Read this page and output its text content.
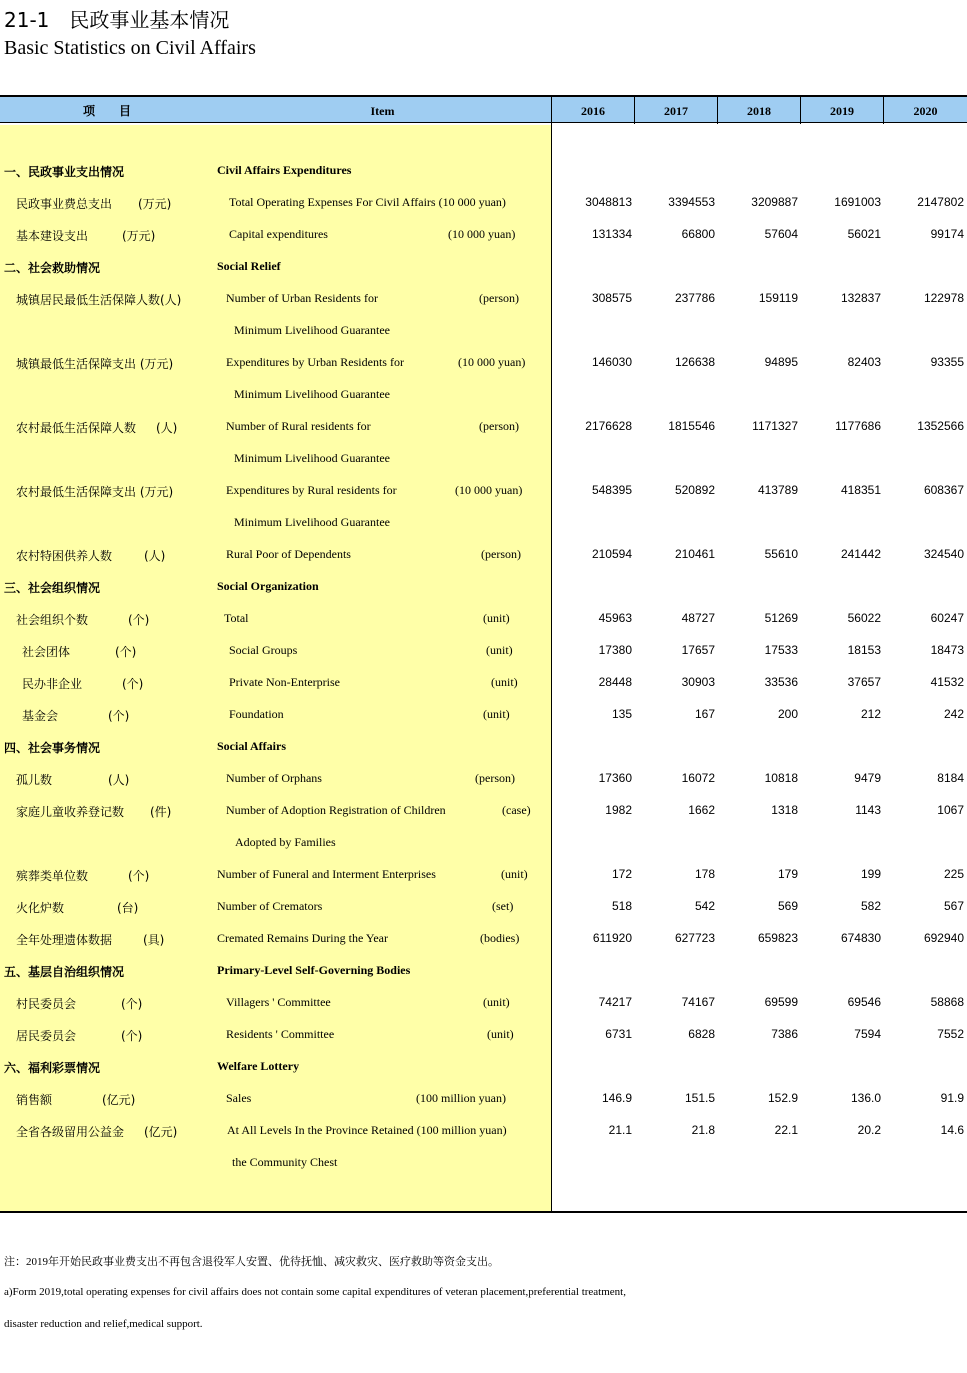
21-1　民政事业基本情况
Basic Statistics on Civil Affairs
项　　目	Item	2016	2017	2018	2019	2020
一、民政事业支出情况	Civil Affairs Expenditures
民政事业费总支出 (万元)	Total Operating Expenses For Civil Affairs (10 000 yuan)	3048813	3394553	3209887	1691003	2147802
基本建设支出	(万元)	Capital expenditures	(10 000 yuan)	131334	66800	57604	56021	99174
二、社会救助情况	Social Relief
城镇居民最低生活保障人数(人)	Number of Urban Residents for	(person)	308575	237786	159119	132837	122978
Minimum Livelihood Guarantee
城镇最低生活保障支出 (万元)	Expenditures by Urban Residents for	(10 000 yuan)	146030	126638	94895	82403	93355
Minimum Livelihood Guarantee
农村最低生活保障人数 (人)	Number of Rural residents for	(person)	2176628	1815546	1171327	1177686	1352566
Minimum Livelihood Guarantee
农村最低生活保障支出 (万元)	Expenditures by Rural residents for	(10 000 yuan)	548395	520892	413789	418351	608367
Minimum Livelihood Guarantee
农村特困供养人数	(人)	Rural Poor of Dependents	(person)	210594	210461	55610	241442	324540
三、社会组织情况	Social Organization
社会组织个数	(个)	Total	(unit)	45963	48727	51269	56022	60247
社会团体	(个)	Social Groups	(unit)	17380	17657	17533	18153	18473
民办非企业	(个)	Private Non-Enterprise	(unit)	28448	30903	33536	37657	41532
基金会	(个)	Foundation	(unit)	135	167	200	212	242
四、社会事务情况	Social Affairs
孤儿数	(人)	Number of Orphans	(person)	17360	16072	10818	9479	8184
家庭儿童收养登记数 (件)	Number of Adoption Registration of Children	(case)	1982	1662	1318	1143	1067
Adopted by Families
殡葬类单位数	(个)	Number of Funeral and Interment Enterprises	(unit)	172	178	179	199	225
火化炉数	(台)	Number of Cremators	(set)	518	542	569	582	567
全年处理遗体数据	(具)	Cremated Remains During the Year	(bodies)	611920	627723	659823	674830	692940
五、基层自治组织情况	Primary-Level Self-Governing Bodies
村民委员会	(个)	Villagers ' Committee	(unit)	74217	74167	69599	69546	58868
居民委员会	(个)	Residents ' Committee	(unit)	6731	6828	7386	7594	7552
六、福利彩票情况	Welfare Lottery
销售额	(亿元)	Sales	(100 million yuan)	146.9	151.5	152.9	136.0	91.9
全省各级留用公益金 (亿元)	At All Levels In the Province Retained (100 million yuan)	21.1	21.8	22.1	20.2	14.6
the Community Chest
注：2019年开始民政事业费支出不再包含退役军人安置、优待抚恤、减灾救灾、医疗救助等资金支出。
a)Form 2019,total operating expenses for civil affairs does not contain some capital expenditures of veteran placement,preferential treatment,
disaster reduction and relief,medical support.
